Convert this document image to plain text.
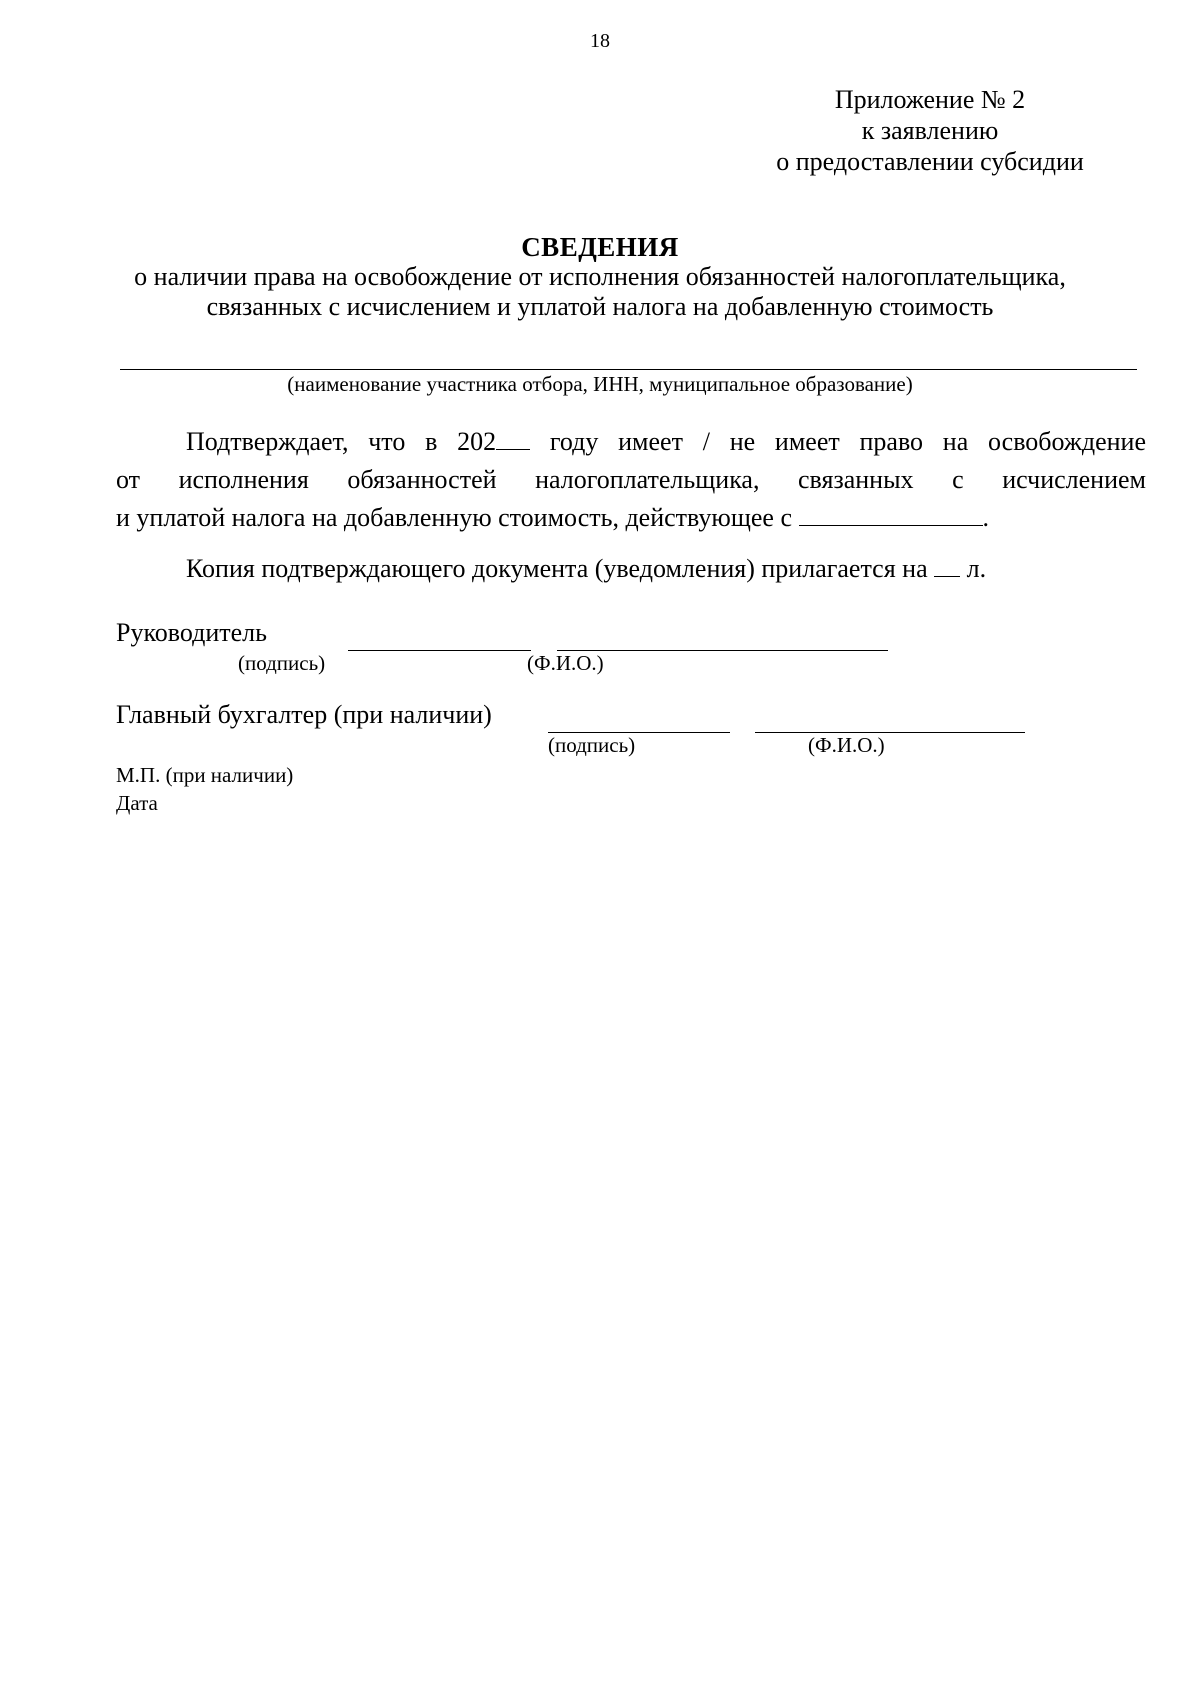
18
Приложение № 2
к заявлению
о предоставлении субсидии
СВЕДЕНИЯ
о наличии права на освобождение от исполнения обязанностей налогоплательщика,
связанных с исчислением и уплатой налога на добавленную стоимость
(наименование участника отбора, ИНН, муниципальное образование)
Подтверждает, что в 202 году имеет / не имеет право на освобождение
от исполнения обязанностей налогоплательщика, связанных с исчислением
и уплатой налога на добавленную стоимость, действующее с	.
Копия подтверждающего документа (уведомления) прилагается на л.
Руководитель
(подпись)	(Ф.И.О.)
Главный бухгалтер (при наличии)
(подпись)	(Ф.И.О.)
М.П. (при наличии)
Дата
